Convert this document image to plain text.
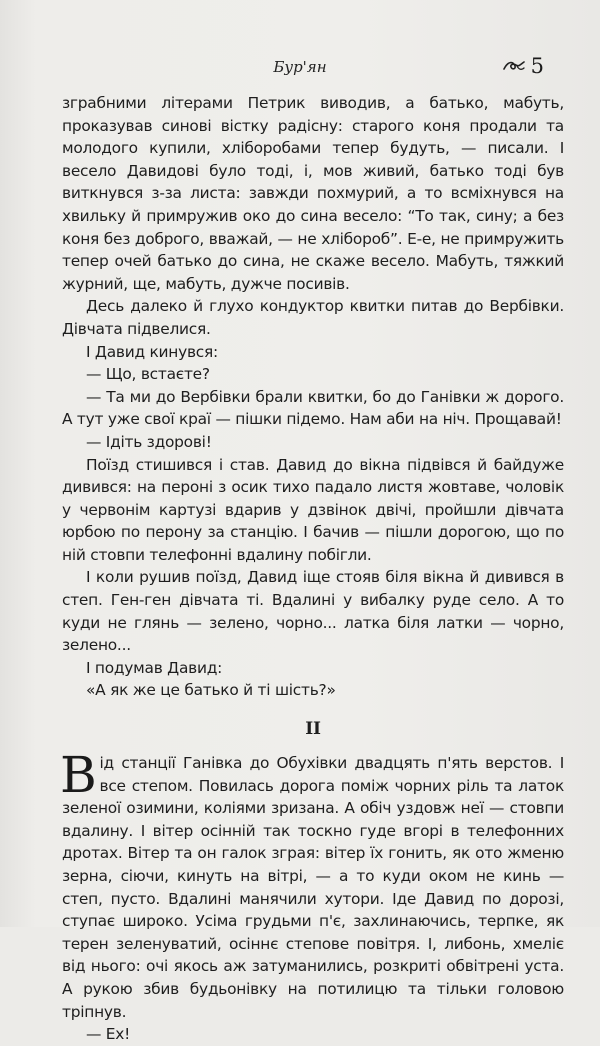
Бур'ян	5

зграбними літерами Петрик виводив, а батько, мабуть, проказував синові вістку радісну: старого коня продали та молодого купили, хліборобами тепер будуть, — писали. І весело Давидові було тоді, і, мов живий, батько тоді був виткнувся з-за листа: завжди похмурий, а то всміхнувся на хвильку й примружив око до сина весело: “То так, сину; а без коня без доброго, вважай, — не хлібороб”. Е-е, не примружить тепер очей батько до сина, не скаже весело. Мабуть, тяжкий журний, ще, мабуть, дужче посивів.

Десь далеко й глухо кондуктор квитки питав до Вербівки. Дівчата підвелися.

І Давид кинувся:

— Що, встаєте?

— Та ми до Вербівки брали квитки, бо до Ганівки ж дорого. А тут уже свої краї — пішки підемо. Нам аби на ніч. Прощавай!

— Ідіть здорові!

Поїзд стишився і став. Давид до вікна підвівся й байдуже дивився: на пероні з осик тихо падало листя жовтаве, чоловік у червонім картузі вдарив у дзвінок двічі, пройшли дівчата юрбою по перону за станцію. І бачив — пішли дорогою, що по ній стовпи телефонні вдалину побігли.

І коли рушив поїзд, Давид іще стояв біля вікна й дивився в степ. Ген-ген дівчата ті. Вдалині у вибалку руде село. А то куди не глянь — зелено, чорно... латка біля латки — чорно, зелено...

І подумав Давид:

«А як же це батько й ті шість?»

II

Від станції Ганівка до Обухівки двадцять п'ять верстов. І все степом. Повилась дорога поміж чорних ріль та латок зеленої озимини, коліями зризана. А обіч уздовж неї — стовпи вдалину. І вітер осінній так тоскно гуде вгорі в телефонних дротах. Вітер та он галок зграя: вітер їх гонить, як ото жменю зерна, сіючи, кинуть на вітрі, — а то куди оком не кинь — степ, пусто. Вдалині манячили хутори. Іде Давид по дорозі, ступає широко. Усіма грудьми п'є, захлинаючись, терпке, як терен зеленуватий, осіннє степове повітря. І, либонь, хмеліє від нього: очі якось аж затуманились, розкриті обвітрені уста. А рукою збив будьонівку на потилицю та тільки головою тріпнув.

— Ех!
